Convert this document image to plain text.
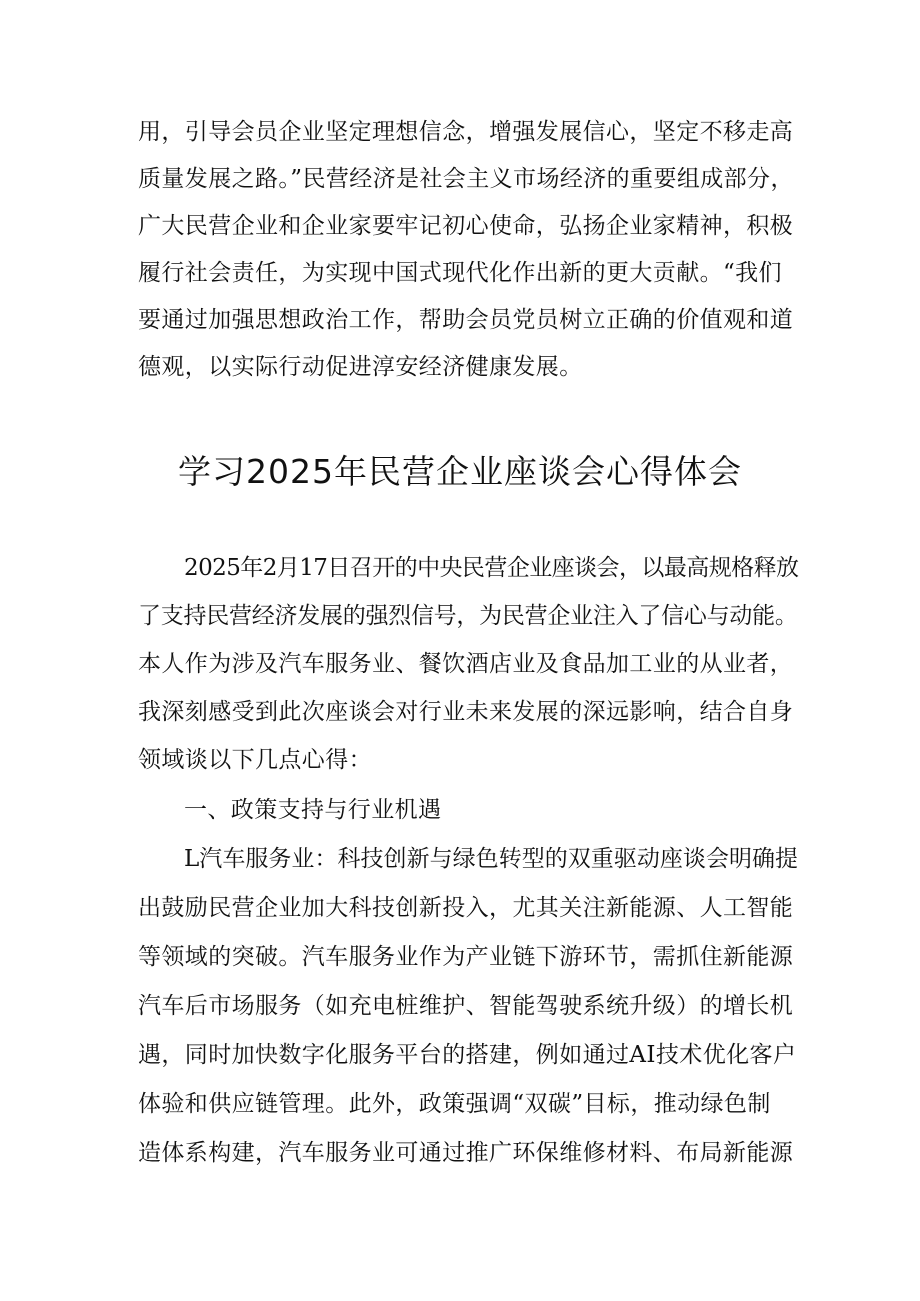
用，引导会员企业坚定理想信念，增强发展信心，坚定不移走高
质量发展之路。”民营经济是社会主义市场经济的重要组成部分，
广大民营企业和企业家要牢记初心使命，弘扬企业家精神，积极
履行社会责任，为实现中国式现代化作出新的更大贡献。“我们
要通过加强思想政治工作，帮助会员党员树立正确的价值观和道
德观，以实际行动促进淳安经济健康发展。
学习2025年民营企业座谈会心得体会
2025年2月17日召开的中央民营企业座谈会，以最高规格释放
了支持民营经济发展的强烈信号，为民营企业注入了信心与动能。
本人作为涉及汽车服务业、餐饮酒店业及食品加工业的从业者，
我深刻感受到此次座谈会对行业未来发展的深远影响，结合自身
领域谈以下几点心得：
一、政策支持与行业机遇
L汽车服务业：科技创新与绿色转型的双重驱动座谈会明确提
出鼓励民营企业加大科技创新投入，尤其关注新能源、人工智能
等领域的突破。汽车服务业作为产业链下游环节，需抓住新能源
汽车后市场服务（如充电桩维护、智能驾驶系统升级）的增长机
遇，同时加快数字化服务平台的搭建，例如通过AI技术优化客户
体验和供应链管理。此外，政策强调“双碳”目标，推动绿色制
造体系构建，汽车服务业可通过推广环保维修材料、布局新能源
